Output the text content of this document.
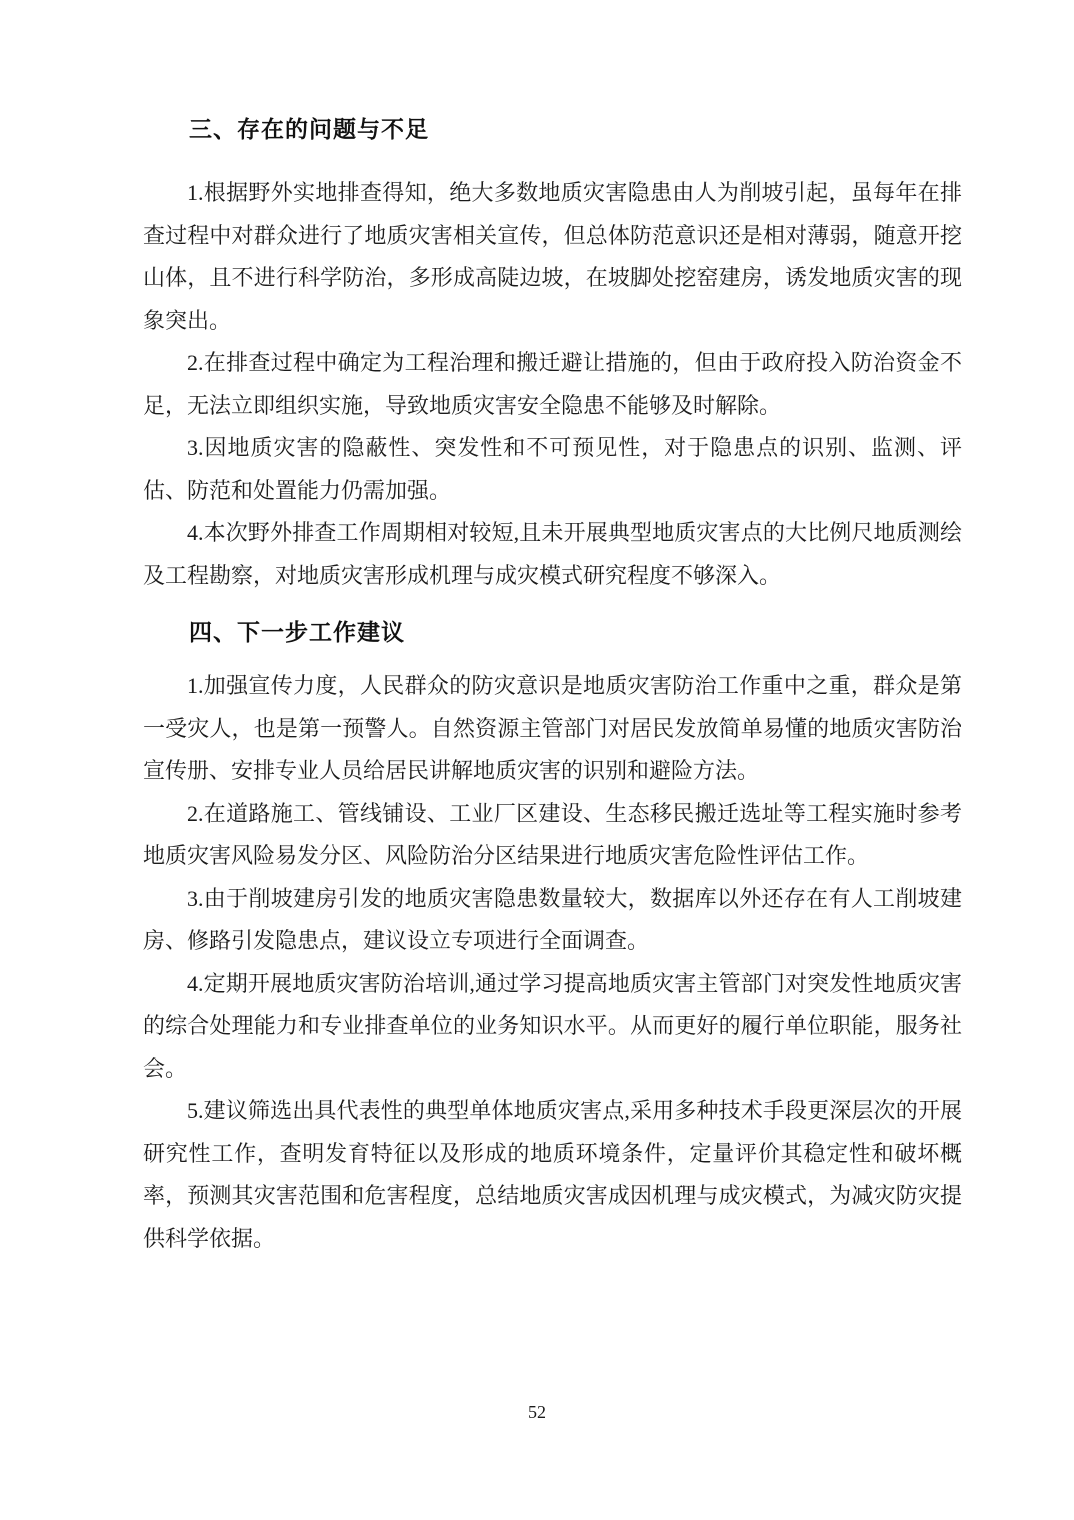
三、存在的问题与不足

1.根据野外实地排查得知，绝大多数地质灾害隐患由人为削坡引起，虽每年在排查过程中对群众进行了地质灾害相关宣传，但总体防范意识还是相对薄弱，随意开挖山体，且不进行科学防治，多形成高陡边坡，在坡脚处挖窑建房，诱发地质灾害的现象突出。

2.在排查过程中确定为工程治理和搬迁避让措施的，但由于政府投入防治资金不足，无法立即组织实施，导致地质灾害安全隐患不能够及时解除。

3.因地质灾害的隐蔽性、突发性和不可预见性，对于隐患点的识别、监测、评估、防范和处置能力仍需加强。

4.本次野外排查工作周期相对较短,且未开展典型地质灾害点的大比例尺地质测绘及工程勘察，对地质灾害形成机理与成灾模式研究程度不够深入。

四、下一步工作建议

1.加强宣传力度，人民群众的防灾意识是地质灾害防治工作重中之重，群众是第一受灾人，也是第一预警人。自然资源主管部门对居民发放简单易懂的地质灾害防治宣传册、安排专业人员给居民讲解地质灾害的识别和避险方法。

2.在道路施工、管线铺设、工业厂区建设、生态移民搬迁选址等工程实施时参考地质灾害风险易发分区、风险防治分区结果进行地质灾害危险性评估工作。

3.由于削坡建房引发的地质灾害隐患数量较大，数据库以外还存在有人工削坡建房、修路引发隐患点，建议设立专项进行全面调查。

4.定期开展地质灾害防治培训,通过学习提高地质灾害主管部门对突发性地质灾害的综合处理能力和专业排查单位的业务知识水平。从而更好的履行单位职能，服务社会。

5.建议筛选出具代表性的典型单体地质灾害点,采用多种技术手段更深层次的开展研究性工作，查明发育特征以及形成的地质环境条件，定量评价其稳定性和破坏概率，预测其灾害范围和危害程度，总结地质灾害成因机理与成灾模式，为减灾防灾提供科学依据。

52
